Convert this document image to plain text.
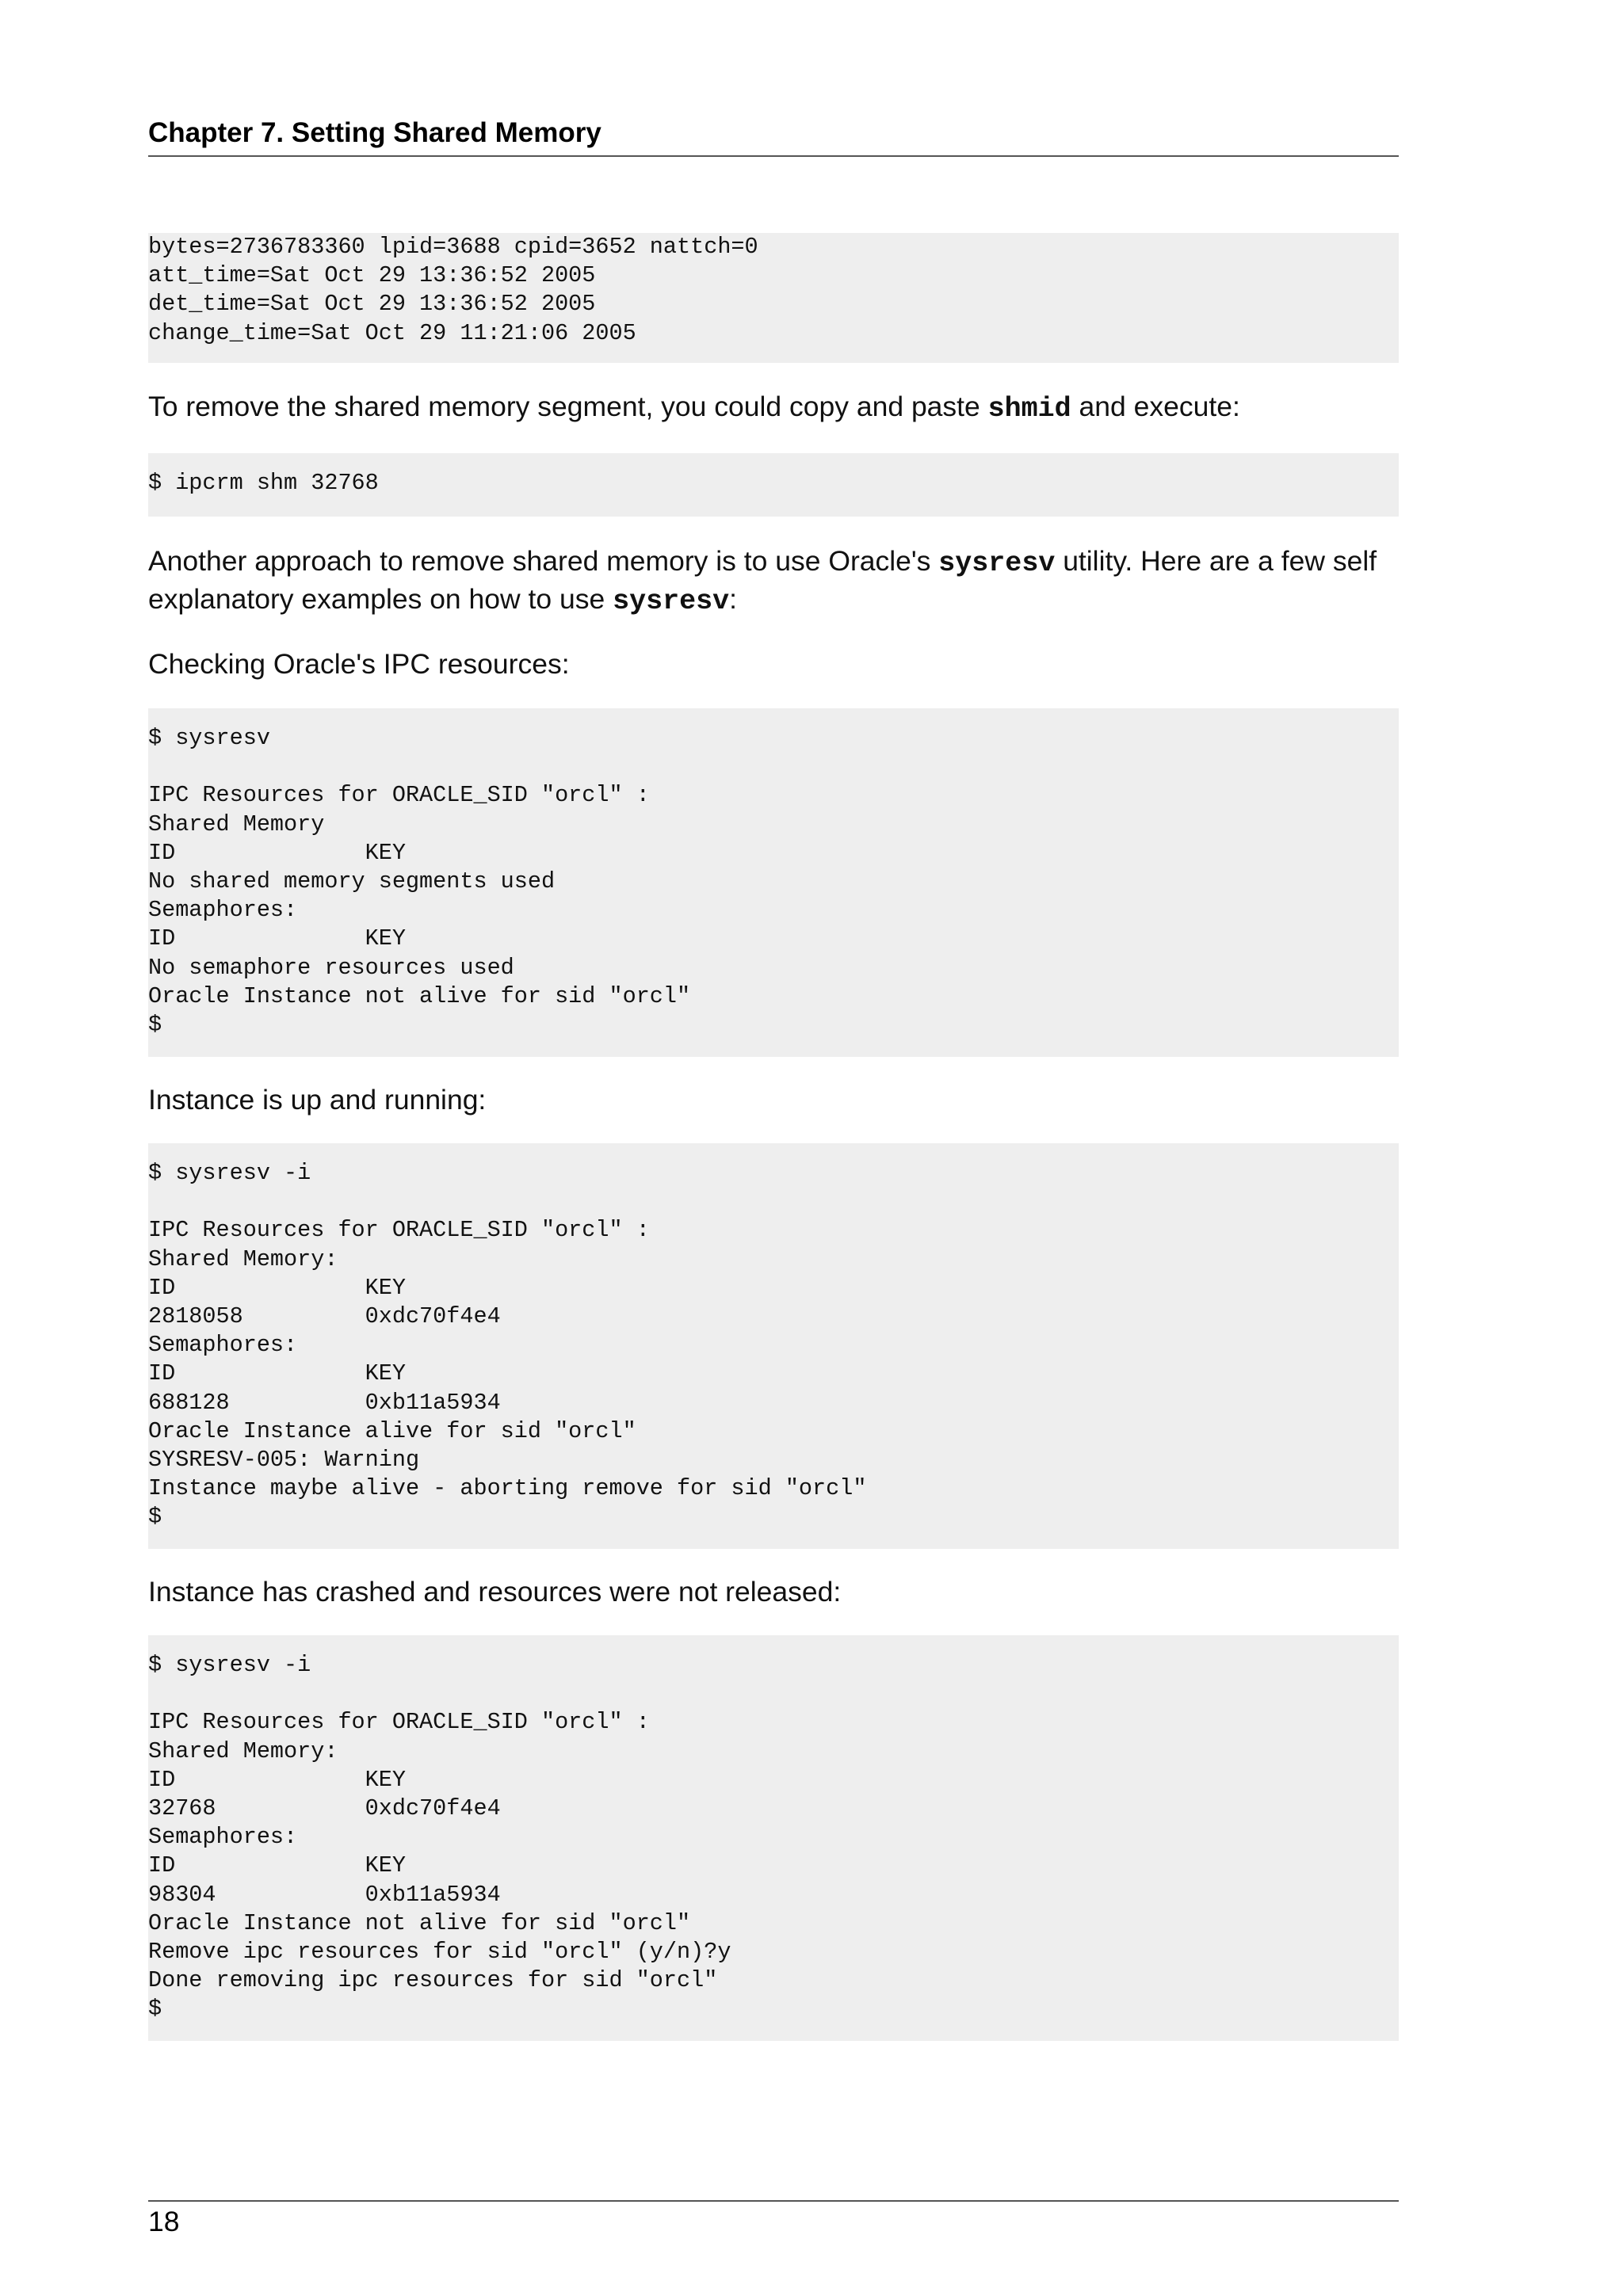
Chapter 7. Setting Shared Memory
bytes=2736783360 lpid=3688 cpid=3652 nattch=0
att_time=Sat Oct 29 13:36:52 2005
det_time=Sat Oct 29 13:36:52 2005
change_time=Sat Oct 29 11:21:06 2005

To remove the shared memory segment, you could copy and paste shmid and execute:

$ ipcrm shm 32768

Another approach to remove shared memory is to use Oracle's sysresv utility. Here are a few self explanatory examples on how to use sysresv:

Checking Oracle's IPC resources:

$ sysresv

IPC Resources for ORACLE_SID "orcl" :
Shared Memory
ID              KEY
No shared memory segments used
Semaphores:
ID              KEY
No semaphore resources used
Oracle Instance not alive for sid "orcl"
$

Instance is up and running:

$ sysresv -i

IPC Resources for ORACLE_SID "orcl" :
Shared Memory:
ID              KEY
2818058         0xdc70f4e4
Semaphores:
ID              KEY
688128          0xb11a5934
Oracle Instance alive for sid "orcl"
SYSRESV-005: Warning
Instance maybe alive - aborting remove for sid "orcl"
$

Instance has crashed and resources were not released:

$ sysresv -i

IPC Resources for ORACLE_SID "orcl" :
Shared Memory:
ID              KEY
32768           0xdc70f4e4
Semaphores:
ID              KEY
98304           0xb11a5934
Oracle Instance not alive for sid "orcl"
Remove ipc resources for sid "orcl" (y/n)?y
Done removing ipc resources for sid "orcl"
$
18
